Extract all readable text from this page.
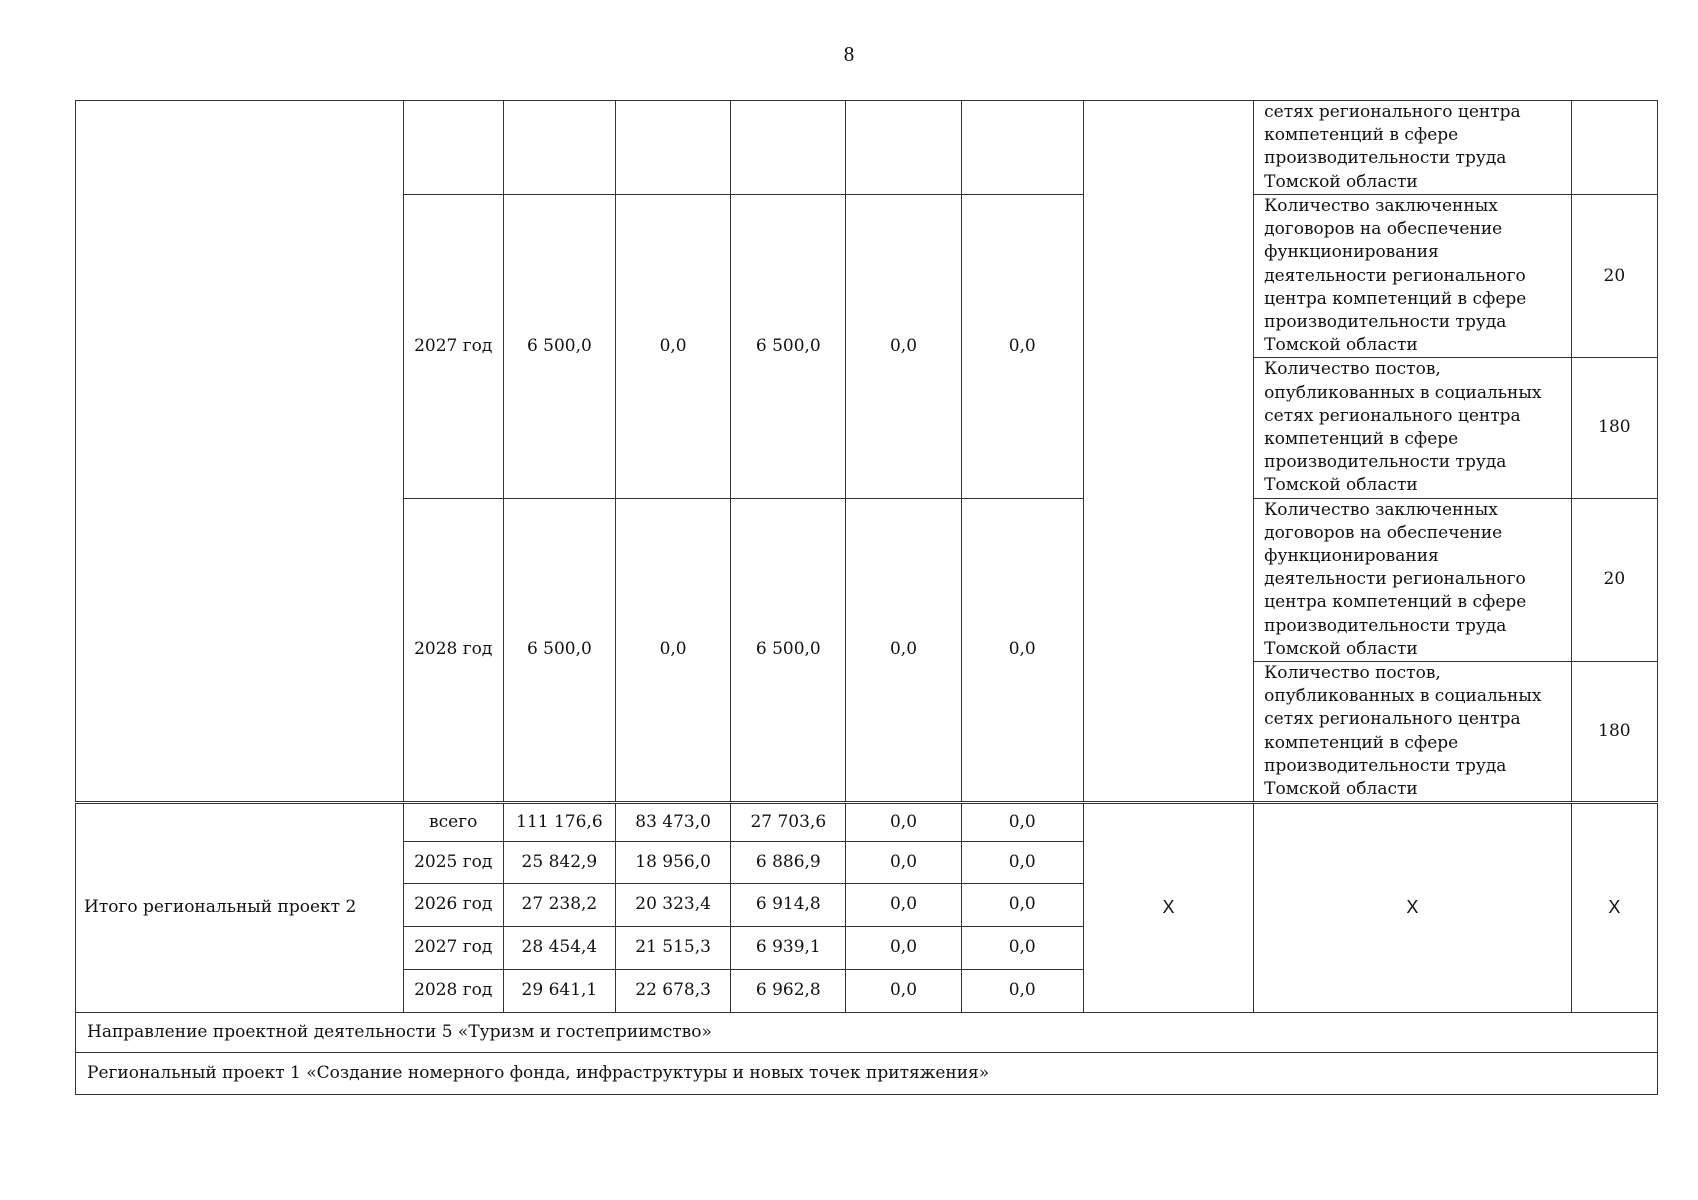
8
								сетях регионального центра компетенций в сфере производительности труда Томской области	
	2027 год	6 500,0	0,0	6 500,0	0,0	0,0		Количество заключенных договоров на обеспечение функционирования деятельности регионального центра компетенций в сфере производительности труда Томской области	20
								Количество постов, опубликованных в социальных сетях регионального центра компетенций в сфере производительности труда Томской области	180
	2028 год	6 500,0	0,0	6 500,0	0,0	0,0		Количество заключенных договоров на обеспечение функционирования деятельности регионального центра компетенций в сфере производительности труда Томской области	20
								Количество постов, опубликованных в социальных сетях регионального центра компетенций в сфере производительности труда Томской области	180
Итого региональный проект 2	всего	111 176,6	83 473,0	27 703,6	0,0	0,0	X	X	X
	2025 год	25 842,9	18 956,0	6 886,9	0,0	0,0			
	2026 год	27 238,2	20 323,4	6 914,8	0,0	0,0			
	2027 год	28 454,4	21 515,3	6 939,1	0,0	0,0			
	2028 год	29 641,1	22 678,3	6 962,8	0,0	0,0			
Направление проектной деятельности 5 «Туризм и гостеприимство»									
Региональный проект 1 «Создание номерного фонда, инфраструктуры и новых точек притяжения»									
